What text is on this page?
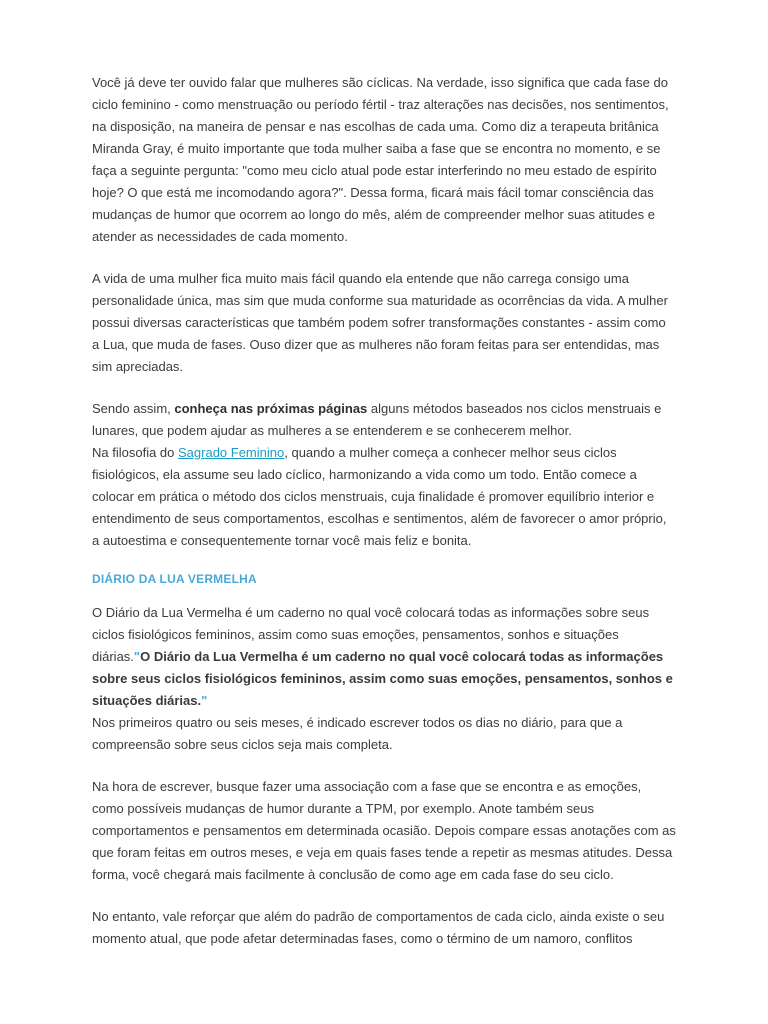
Você já deve ter ouvido falar que mulheres são cíclicas. Na verdade, isso significa que cada fase do ciclo feminino - como menstruação ou período fértil - traz alterações nas decisões, nos sentimentos, na disposição, na maneira de pensar e nas escolhas de cada uma. Como diz a terapeuta britânica Miranda Gray, é muito importante que toda mulher saiba a fase que se encontra no momento, e se faça a seguinte pergunta: "como meu ciclo atual pode estar interferindo no meu estado de espírito hoje? O que está me incomodando agora?". Dessa forma, ficará mais fácil tomar consciência das mudanças de humor que ocorrem ao longo do mês, além de compreender melhor suas atitudes e atender as necessidades de cada momento.

A vida de uma mulher fica muito mais fácil quando ela entende que não carrega consigo uma personalidade única, mas sim que muda conforme sua maturidade as ocorrências da vida. A mulher possui diversas características que também podem sofrer transformações constantes - assim como a Lua, que muda de fases. Ouso dizer que as mulheres não foram feitas para ser entendidas, mas sim apreciadas.

Sendo assim, conheça nas próximas páginas alguns métodos baseados nos ciclos menstruais e lunares, que podem ajudar as mulheres a se entenderem e se conhecerem melhor.

Na filosofia do Sagrado Feminino, quando a mulher começa a conhecer melhor seus ciclos fisiológicos, ela assume seu lado cíclico, harmonizando a vida como um todo. Então comece a colocar em prática o método dos ciclos menstruais, cuja finalidade é promover equilíbrio interior e entendimento de seus comportamentos, escolhas e sentimentos, além de favorecer o amor próprio, a autoestima e consequentemente tornar você mais feliz e bonita.

DIÁRIO DA LUA VERMELHA

O Diário da Lua Vermelha é um caderno no qual você colocará todas as informações sobre seus ciclos fisiológicos femininos, assim como suas emoções, pensamentos, sonhos e situações diárias."O Diário da Lua Vermelha é um caderno no qual você colocará todas as informações sobre seus ciclos fisiológicos femininos, assim como suas emoções, pensamentos, sonhos e situações diárias."

Nos primeiros quatro ou seis meses, é indicado escrever todos os dias no diário, para que a compreensão sobre seus ciclos seja mais completa.

Na hora de escrever, busque fazer uma associação com a fase que se encontra e as emoções, como possíveis mudanças de humor durante a TPM, por exemplo. Anote também seus comportamentos e pensamentos em determinada ocasião. Depois compare essas anotações com as que foram feitas em outros meses, e veja em quais fases tende a repetir as mesmas atitudes. Dessa forma, você chegará mais facilmente à conclusão de como age em cada fase do seu ciclo.

No entanto, vale reforçar que além do padrão de comportamentos de cada ciclo, ainda existe o seu momento atual, que pode afetar determinadas fases, como o término de um namoro, conflitos
